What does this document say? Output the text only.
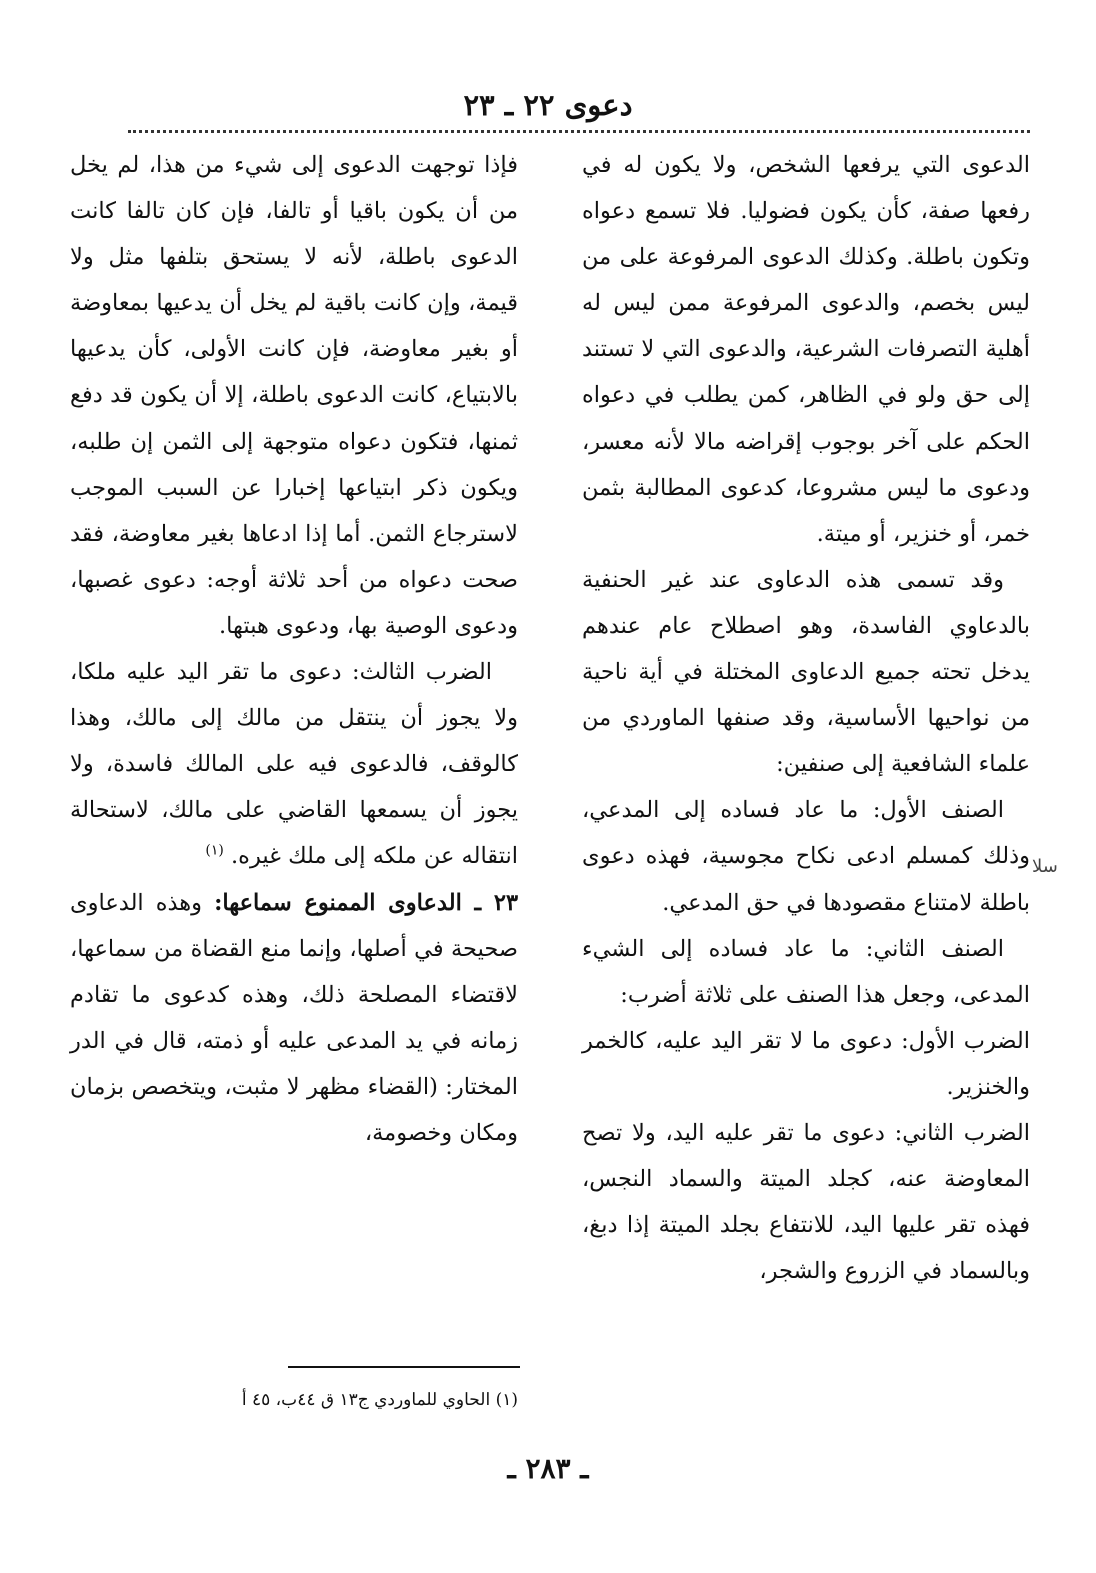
دعوى ٢٢ ـ ٢٣

الدعوى التي يرفعها الشخص، ولا يكون له في رفعها صفة، كأن يكون فضوليا. فلا تسمع دعواه وتكون باطلة. وكذلك الدعوى المرفوعة على من ليس بخصم، والدعوى المرفوعة ممن ليس له أهلية التصرفات الشرعية، والدعوى التي لا تستند إلى حق ولو في الظاهر، كمن يطلب في دعواه الحكم على آخر بوجوب إقراضه مالا لأنه معسر، ودعوى ما ليس مشروعا، كدعوى المطالبة بثمن خمر، أو خنزير، أو ميتة.

وقد تسمى هذه الدعاوى عند غير الحنفية بالدعاوي الفاسدة، وهو اصطلاح عام عندهم يدخل تحته جميع الدعاوى المختلة في أية ناحية من نواحيها الأساسية، وقد صنفها الماوردي من علماء الشافعية إلى صنفين:

الصنف الأول: ما عاد فساده إلى المدعي، وذلك كمسلم ادعى نكاح مجوسية، فهذه دعوى باطلة لامتناع مقصودها في حق المدعي.

الصنف الثاني: ما عاد فساده إلى الشيء المدعى، وجعل هذا الصنف على ثلاثة أضرب:

الضرب الأول: دعوى ما لا تقر اليد عليه، كالخمر والخنزير.

الضرب الثاني: دعوى ما تقر عليه اليد، ولا تصح المعاوضة عنه، كجلد الميتة والسماد النجس، فهذه تقر عليها اليد، للانتفاع بجلد الميتة إذا دبغ، وبالسماد في الزروع والشجر،

فإذا توجهت الدعوى إلى شيء من هذا، لم يخل من أن يكون باقيا أو تالفا، فإن كان تالفا كانت الدعوى باطلة، لأنه لا يستحق بتلفها مثل ولا قيمة، وإن كانت باقية لم يخل أن يدعيها بمعاوضة أو بغير معاوضة، فإن كانت الأولى، كأن يدعيها بالابتياع، كانت الدعوى باطلة، إلا أن يكون قد دفع ثمنها، فتكون دعواه متوجهة إلى الثمن إن طلبه، ويكون ذكر ابتياعها إخبارا عن السبب الموجب لاسترجاع الثمن. أما إذا ادعاها بغير معاوضة، فقد صحت دعواه من أحد ثلاثة أوجه: دعوى غصبها، ودعوى الوصية بها، ودعوى هبتها.

الضرب الثالث: دعوى ما تقر اليد عليه ملكا، ولا يجوز أن ينتقل من مالك إلى مالك، وهذا كالوقف، فالدعوى فيه على المالك فاسدة، ولا يجوز أن يسمعها القاضي على مالك، لاستحالة انتقاله عن ملكه إلى ملك غيره. $^{(١)}$

٢٣ ـ الدعاوى الممنوع سماعها: وهذه الدعاوى صحيحة في أصلها، وإنما منع القضاة من سماعها، لاقتضاء المصلحة ذلك، وهذه كدعوى ما تقادم زمانه في يد المدعى عليه أو ذمته، قال في الدر المختار: (القضاء مظهر لا مثبت، ويتخصص بزمان ومكان وخصومة،

(١) الحاوي للماوردي ج١٣ ق ٤٤ب، ٤٥ أ
ـ ٢٨٣ ـ
سلا
